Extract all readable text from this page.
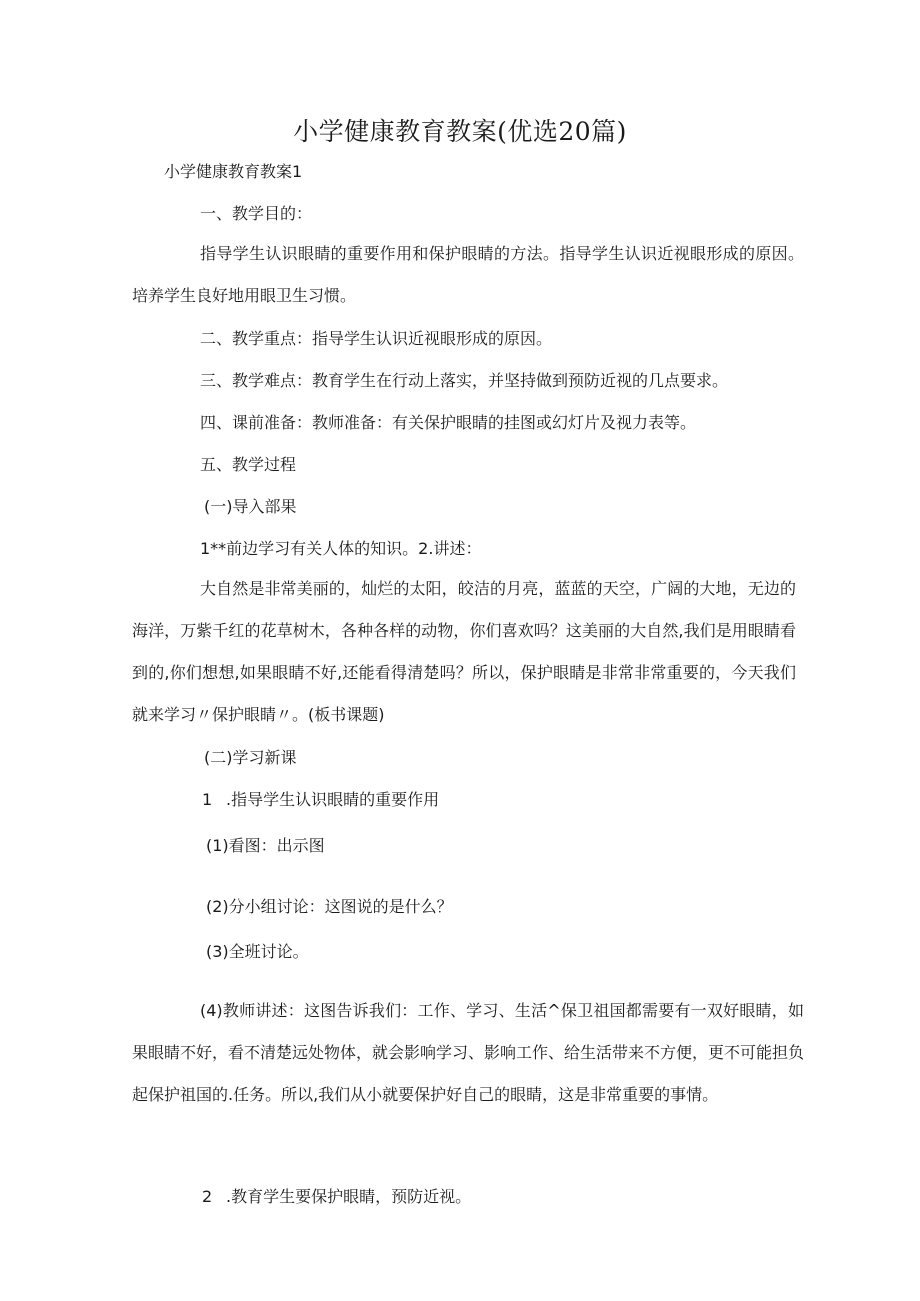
小学健康教育教案(优选20篇)
小学健康教育教案1
一、教学目的：
指导学生认识眼睛的重要作用和保护眼睛的方法。指导学生认识近视眼形成的原因。培养学生良好地用眼卫生习惯。
二、教学重点：指导学生认识近视眼形成的原因。
三、教学难点：教育学生在行动上落实，并坚持做到预防近视的几点要求。
四、课前准备：教师准备：有关保护眼睛的挂图或幻灯片及视力表等。
五、教学过程
(一)导入部果
1**前边学习有关人体的知识。2.讲述：
大自然是非常美丽的，灿烂的太阳，皎洁的月亮，蓝蓝的天空，广阔的大地，无边的海洋，万紫千红的花草树木，各种各样的动物，你们喜欢吗？这美丽的大自然,我们是用眼睛看到的,你们想想,如果眼睛不好,还能看得清楚吗？所以，保护眼睛是非常非常重要的，今天我们就来学习〃保护眼睛〃。(板书课题)
(二)学习新课
1 .指导学生认识眼睛的重要作用
(1)看图：出示图
(2)分小组讨论：这图说的是什么？
(3)全班讨论。
(4)教师讲述：这图告诉我们：工作、学习、生活^保卫祖国都需要有一双好眼睛，如果眼睛不好，看不清楚远处物体，就会影响学习、影响工作、给生活带来不方便，更不可能担负起保护祖国的.任务。所以,我们从小就要保护好自己的眼睛，这是非常重要的事情。
2 .教育学生要保护眼睛，预防近视。
